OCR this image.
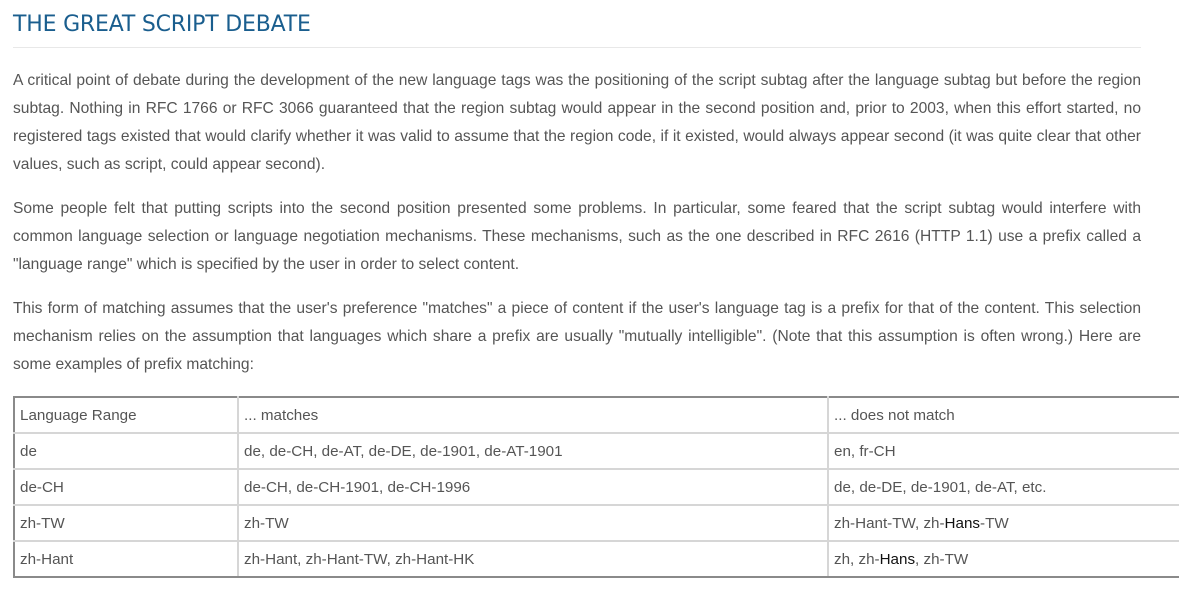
THE GREAT SCRIPT DEBATE

A critical point of debate during the development of the new language tags was the positioning of the script subtag after the language subtag but before the region subtag. Nothing in RFC 1766 or RFC 3066 guaranteed that the region subtag would appear in the second position and, prior to 2003, when this effort started, no registered tags existed that would clarify whether it was valid to assume that the region code, if it existed, would always appear second (it was quite clear that other values, such as script, could appear second).

Some people felt that putting scripts into the second position presented some problems. In particular, some feared that the script subtag would interfere with common language selection or language negotiation mechanisms. These mechanisms, such as the one described in RFC 2616 (HTTP 1.1) use a prefix called a "language range" which is specified by the user in order to select content.

This form of matching assumes that the user's preference "matches" a piece of content if the user's language tag is a prefix for that of the content. This selection mechanism relies on the assumption that languages which share a prefix are usually "mutually intelligible". (Note that this assumption is often wrong.) Here are some examples of prefix matching:

Language Range	... matches	... does not match
de	de, de-CH, de-AT, de-DE, de-1901, de-AT-1901	en, fr-CH
de-CH	de-CH, de-CH-1901, de-CH-1996	de, de-DE, de-1901, de-AT, etc.
zh-TW	zh-TW	zh-Hant-TW, zh-Hans-TW
zh-Hant	zh-Hant, zh-Hant-TW, zh-Hant-HK	zh, zh-Hans, zh-TW
